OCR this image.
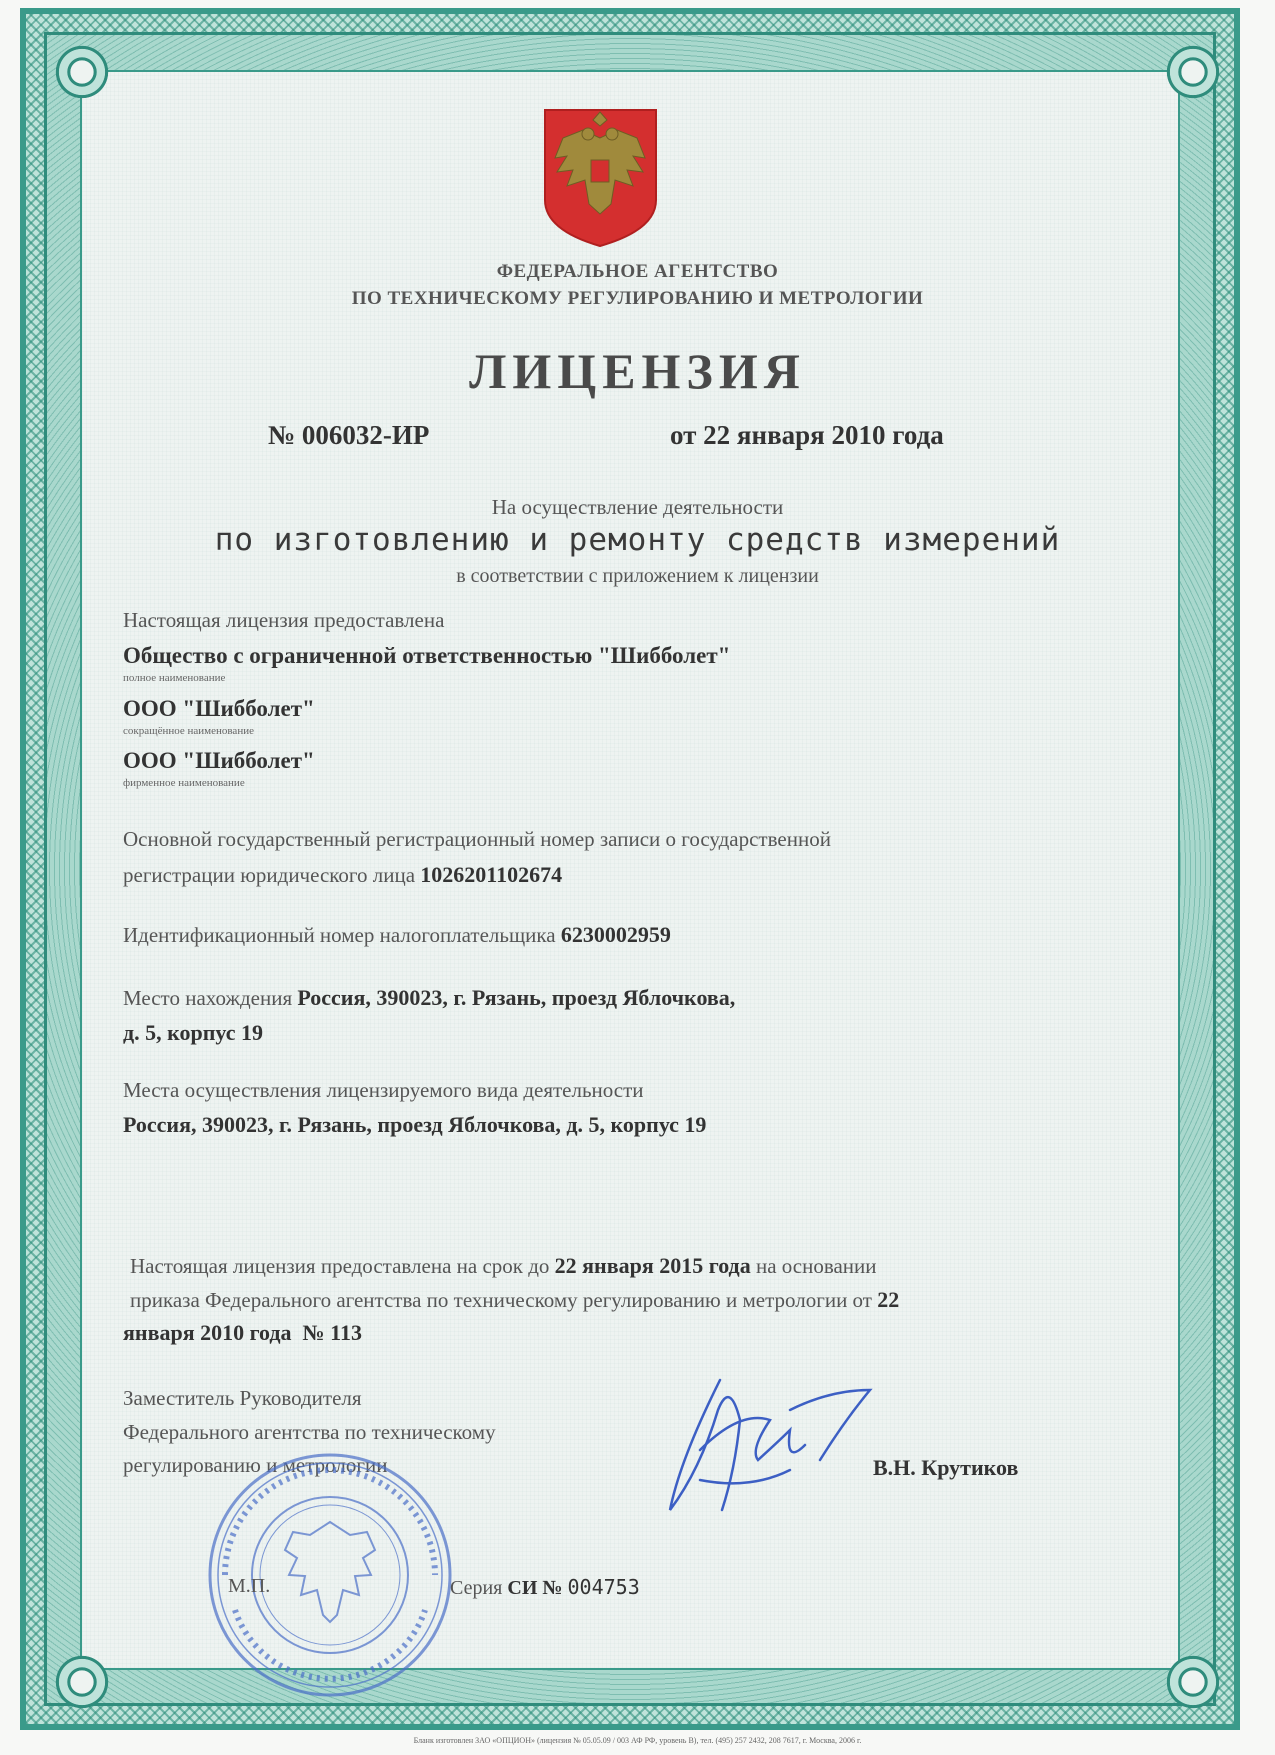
ФЕДЕРАЛЬНОЕ АГЕНТСТВО
ПО ТЕХНИЧЕСКОМУ РЕГУЛИРОВАНИЮ И МЕТРОЛОГИИ
ЛИЦЕНЗИЯ
№ 006032-ИР	от 22 января 2010 года
На осуществление деятельности
по изготовлению и ремонту средств измерений
в соответствии с приложением к лицензии
Настоящая лицензия предоставлена
Общество с ограниченной ответственностью "Шибболет"
полное наименование
ООО "Шибболет"
сокращённое наименование
ООО "Шибболет"
фирменное наименование
Основной государственный регистрационный номер записи о государственной
регистрации юридического лица 1026201102674
Идентификационный номер налогоплательщика 6230002959
Место нахождения Россия, 390023, г. Рязань, проезд Яблочкова,
д. 5, корпус 19
Места осуществления лицензируемого вида деятельности
Россия, 390023, г. Рязань, проезд Яблочкова, д. 5, корпус 19
Настоящая лицензия предоставлена на срок до 22 января 2015 года на основании
приказа Федерального агентства по техническому регулированию и метрологии от 22
января 2010 года № 113
Заместитель Руководителя
Федерального агентства по техническому
регулированию и метрологии	В.Н. Крутиков
М.П.	Серия СИ № 004753
Бланк изготовлен ЗАО «ОПЦИОН» (лицензия № 05.05.09 / 003 АФ РФ, уровень В), тел. (495) 257 2432, 208 7617, г. Москва, 2006 г.
